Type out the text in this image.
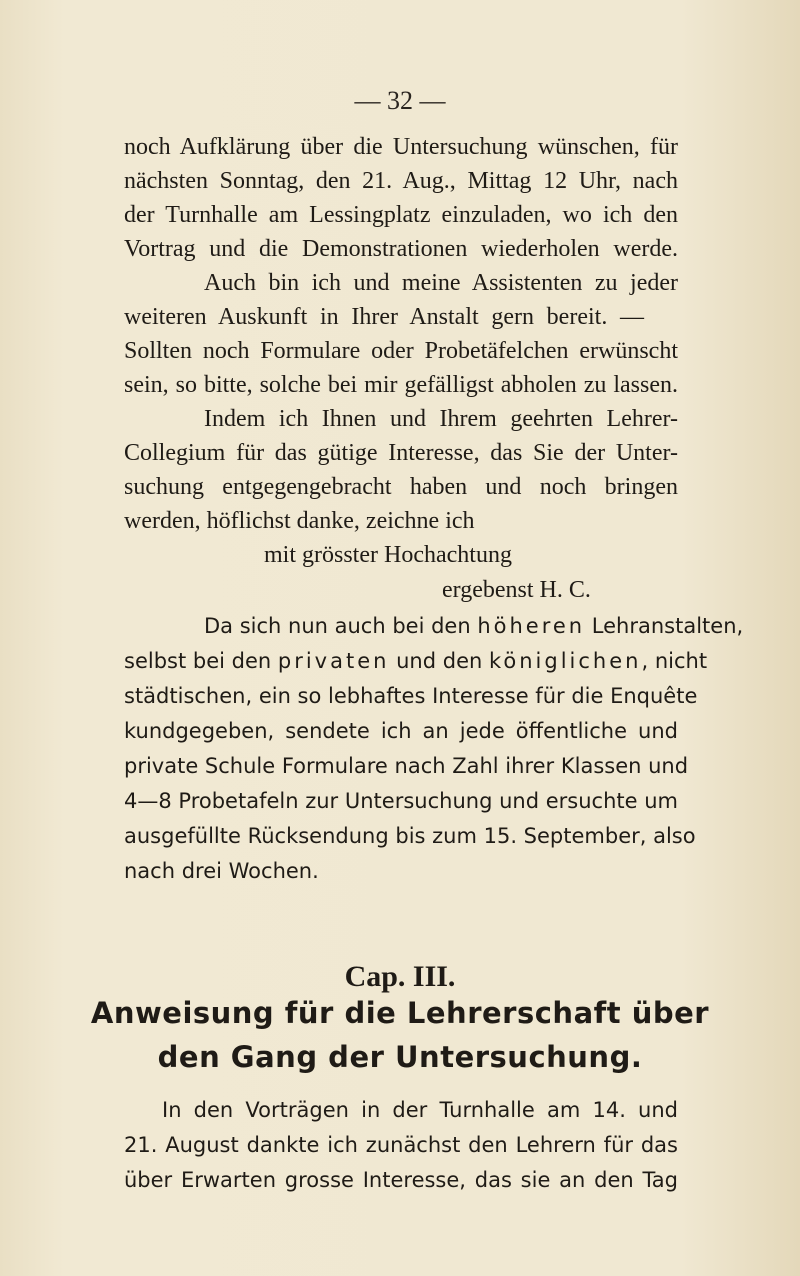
— 32 —

noch Aufklärung über die Untersuchung wünschen, für

nächsten Sonntag, den 21. Aug., Mittag 12 Uhr, nach

der Turnhalle am Lessingplatz einzuladen, wo ich den

Vortrag und die Demonstrationen wiederholen werde.

Auch bin ich und meine Assistenten zu jeder

weiteren Auskunft in Ihrer Anstalt gern bereit. —

Sollten noch Formulare oder Probetäfelchen erwünscht

sein, so bitte, solche bei mir gefälligst abholen zu lassen.

Indem ich Ihnen und Ihrem geehrten Lehrer-

Collegium für das gütige Interesse, das Sie der Unter-

suchung entgegengebracht haben und noch bringen

werden, höflichst danke, zeichne ich

mit grösster Hochachtung

ergebenst H. C.

Da sich nun auch bei den höheren Lehranstalten,

selbst bei den privaten und den königlichen, nicht

städtischen, ein so lebhaftes Interesse für die Enquête

kundgegeben, sendete ich an jede öffentliche und

private Schule Formulare nach Zahl ihrer Klassen und

4—8 Probetafeln zur Untersuchung und ersuchte um

ausgefüllte Rücksendung bis zum 15. September, also

nach drei Wochen.

Cap. III.
Anweisung für die Lehrerschaft über
den Gang der Untersuchung.

In den Vorträgen in der Turnhalle am 14. und

21. August dankte ich zunächst den Lehrern für das

über Erwarten grosse Interesse, das sie an den Tag
